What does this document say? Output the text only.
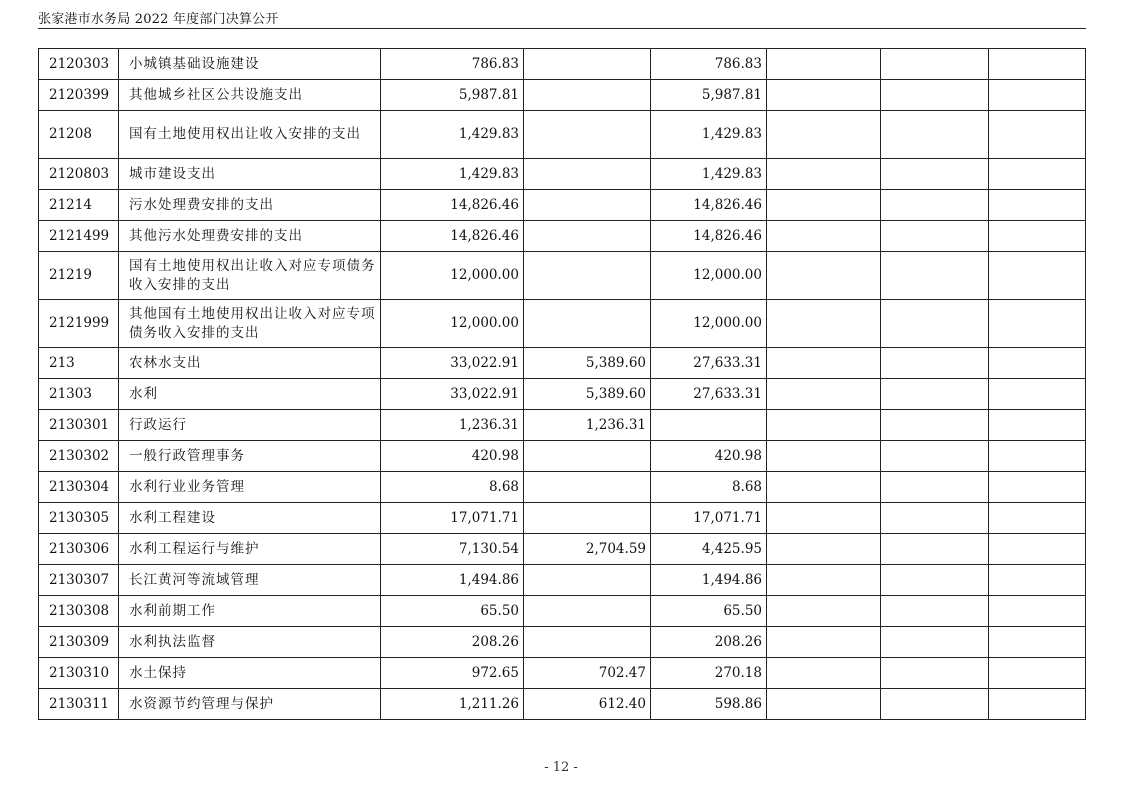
张家港市水务局 2022 年度部门决算公开
2120303	小城镇基础设施建设	786.83		786.83			
2120399	其他城乡社区公共设施支出	5,987.81		5,987.81			
21208	国有土地使用权出让收入安排的支出	1,429.83		1,429.83			
2120803	城市建设支出	1,429.83		1,429.83			
21214	污水处理费安排的支出	14,826.46		14,826.46			
2121499	其他污水处理费安排的支出	14,826.46		14,826.46			
21219	国有土地使用权出让收入对应专项债务收入安排的支出	12,000.00		12,000.00			
2121999	其他国有土地使用权出让收入对应专项债务收入安排的支出	12,000.00		12,000.00			
213	农林水支出	33,022.91	5,389.60	27,633.31			
21303	水利	33,022.91	5,389.60	27,633.31			
2130301	行政运行	1,236.31	1,236.31				
2130302	一般行政管理事务	420.98		420.98			
2130304	水利行业业务管理	8.68		8.68			
2130305	水利工程建设	17,071.71		17,071.71			
2130306	水利工程运行与维护	7,130.54	2,704.59	4,425.95			
2130307	长江黄河等流域管理	1,494.86		1,494.86			
2130308	水利前期工作	65.50		65.50			
2130309	水利执法监督	208.26		208.26			
2130310	水土保持	972.65	702.47	270.18			
2130311	水资源节约管理与保护	1,211.26	612.40	598.86			
- 12 -
